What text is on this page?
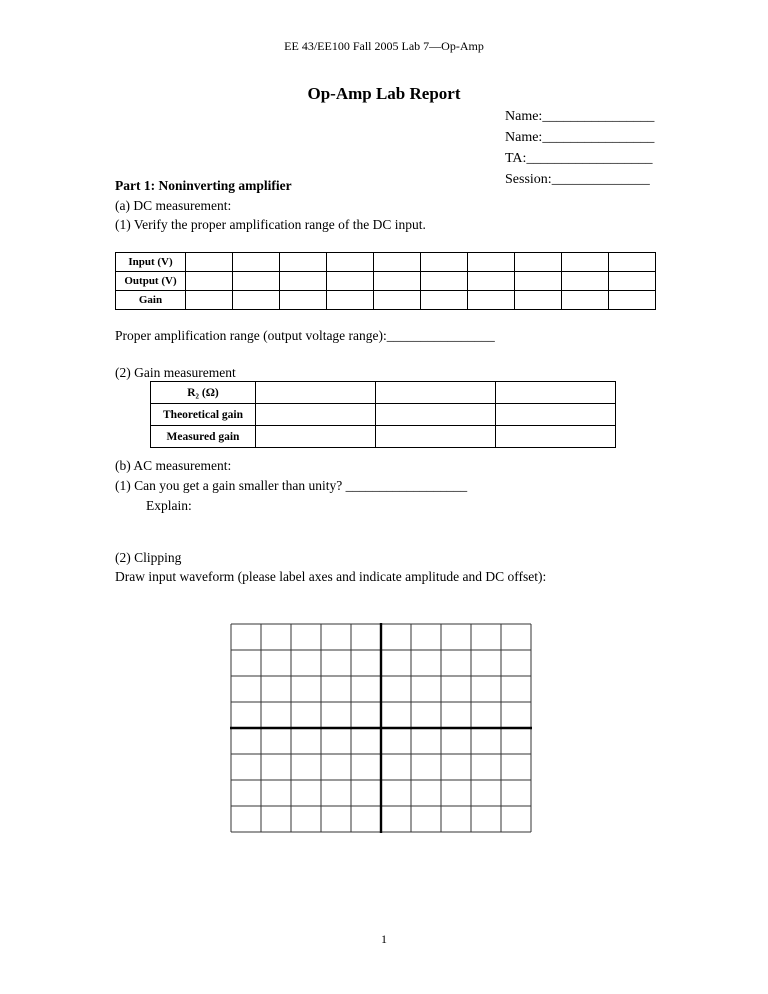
EE 43/EE100 Fall 2005 Lab 7—Op-Amp
Op-Amp Lab Report
Name:________________
Name:________________
TA:__________________
Session:______________
Part 1: Noninverting amplifier
(a) DC measurement:
(1) Verify the proper amplification range of the DC input.
Input (V)										
Output (V)										
Gain										
Proper amplification range (output voltage range):________________
(2) Gain measurement
R₂ (Ω)			
Theoretical gain			
Measured gain			
(b) AC measurement:
(1) Can you get a gain smaller than unity? __________________
Explain:
(2) Clipping
Draw input waveform (please label axes and indicate amplitude and DC offset):
1
